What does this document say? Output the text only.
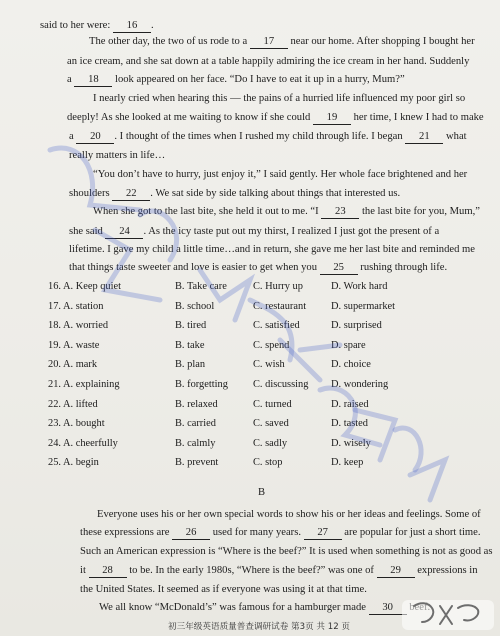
said to her were: 16 .
The other day, the two of us rode to a 17 near our home. After shopping I bought her
an ice cream, and she sat down at a table happily admiring the ice cream in her hand. Suddenly
a 18 look appeared on her face. “Do I have to eat it up in a hurry, Mum?”
I nearly cried when hearing this — the pains of a hurried life influenced my poor girl so
deeply! As she looked at me waiting to know if she could 19 her time, I knew I had to make
a 20 . I thought of the times when I rushed my child through life. I began 21 what
really matters in life…
“You don’t have to hurry, just enjoy it,” I said gently. Her whole face brightened and her
shoulders 22 . We sat side by side talking about things that interested us.
When she got to the last bite, she held it out to me. “I 23 the last bite for you, Mum,”
she said 24 . As the icy taste put out my thirst, I realized I just got the present of a
lifetime. I gave my child a little time…and in return, she gave me her last bite and reminded me
that things taste sweeter and love is easier to get when you 25 rushing through life.
16. A. Keep quiet	B. Take care	C. Hurry up	D. Work hard
17. A. station	B. school	C. restaurant D. supermarket
18. A. worried	B. tired	C. satisfied	D. surprised
19. A. waste	B. take	C. spend	D. spare
20. A. mark	B. plan	C. wish	D. choice
21. A. explaining	B. forgetting C. discussing D. wondering
22. A. lifted	B. relaxed	C. turned	D. raised
23. A. bought	B. carried	C. saved	D. tasted
24. A. cheerfully	B. calmly	C. sadly	D. wisely
25. A. begin	B. prevent	C. stop	D. keep
B
Everyone uses his or her own special words to show his or her ideas and feelings. Some of
these expressions are 26 used for many years. 27 are popular for just a short time.
Such an American expression is “Where is the beef?” It is used when something is not as good as
it 28 to be. In the early 1980s, “Where is the beef?” was one of 29 expressions in
the United States. It seemed as if everyone was using it at that time.
We all know “McDonald’s” was famous for a hamburger made 30
初三年级英语质量普查调研试卷 第3页 共 12 页
